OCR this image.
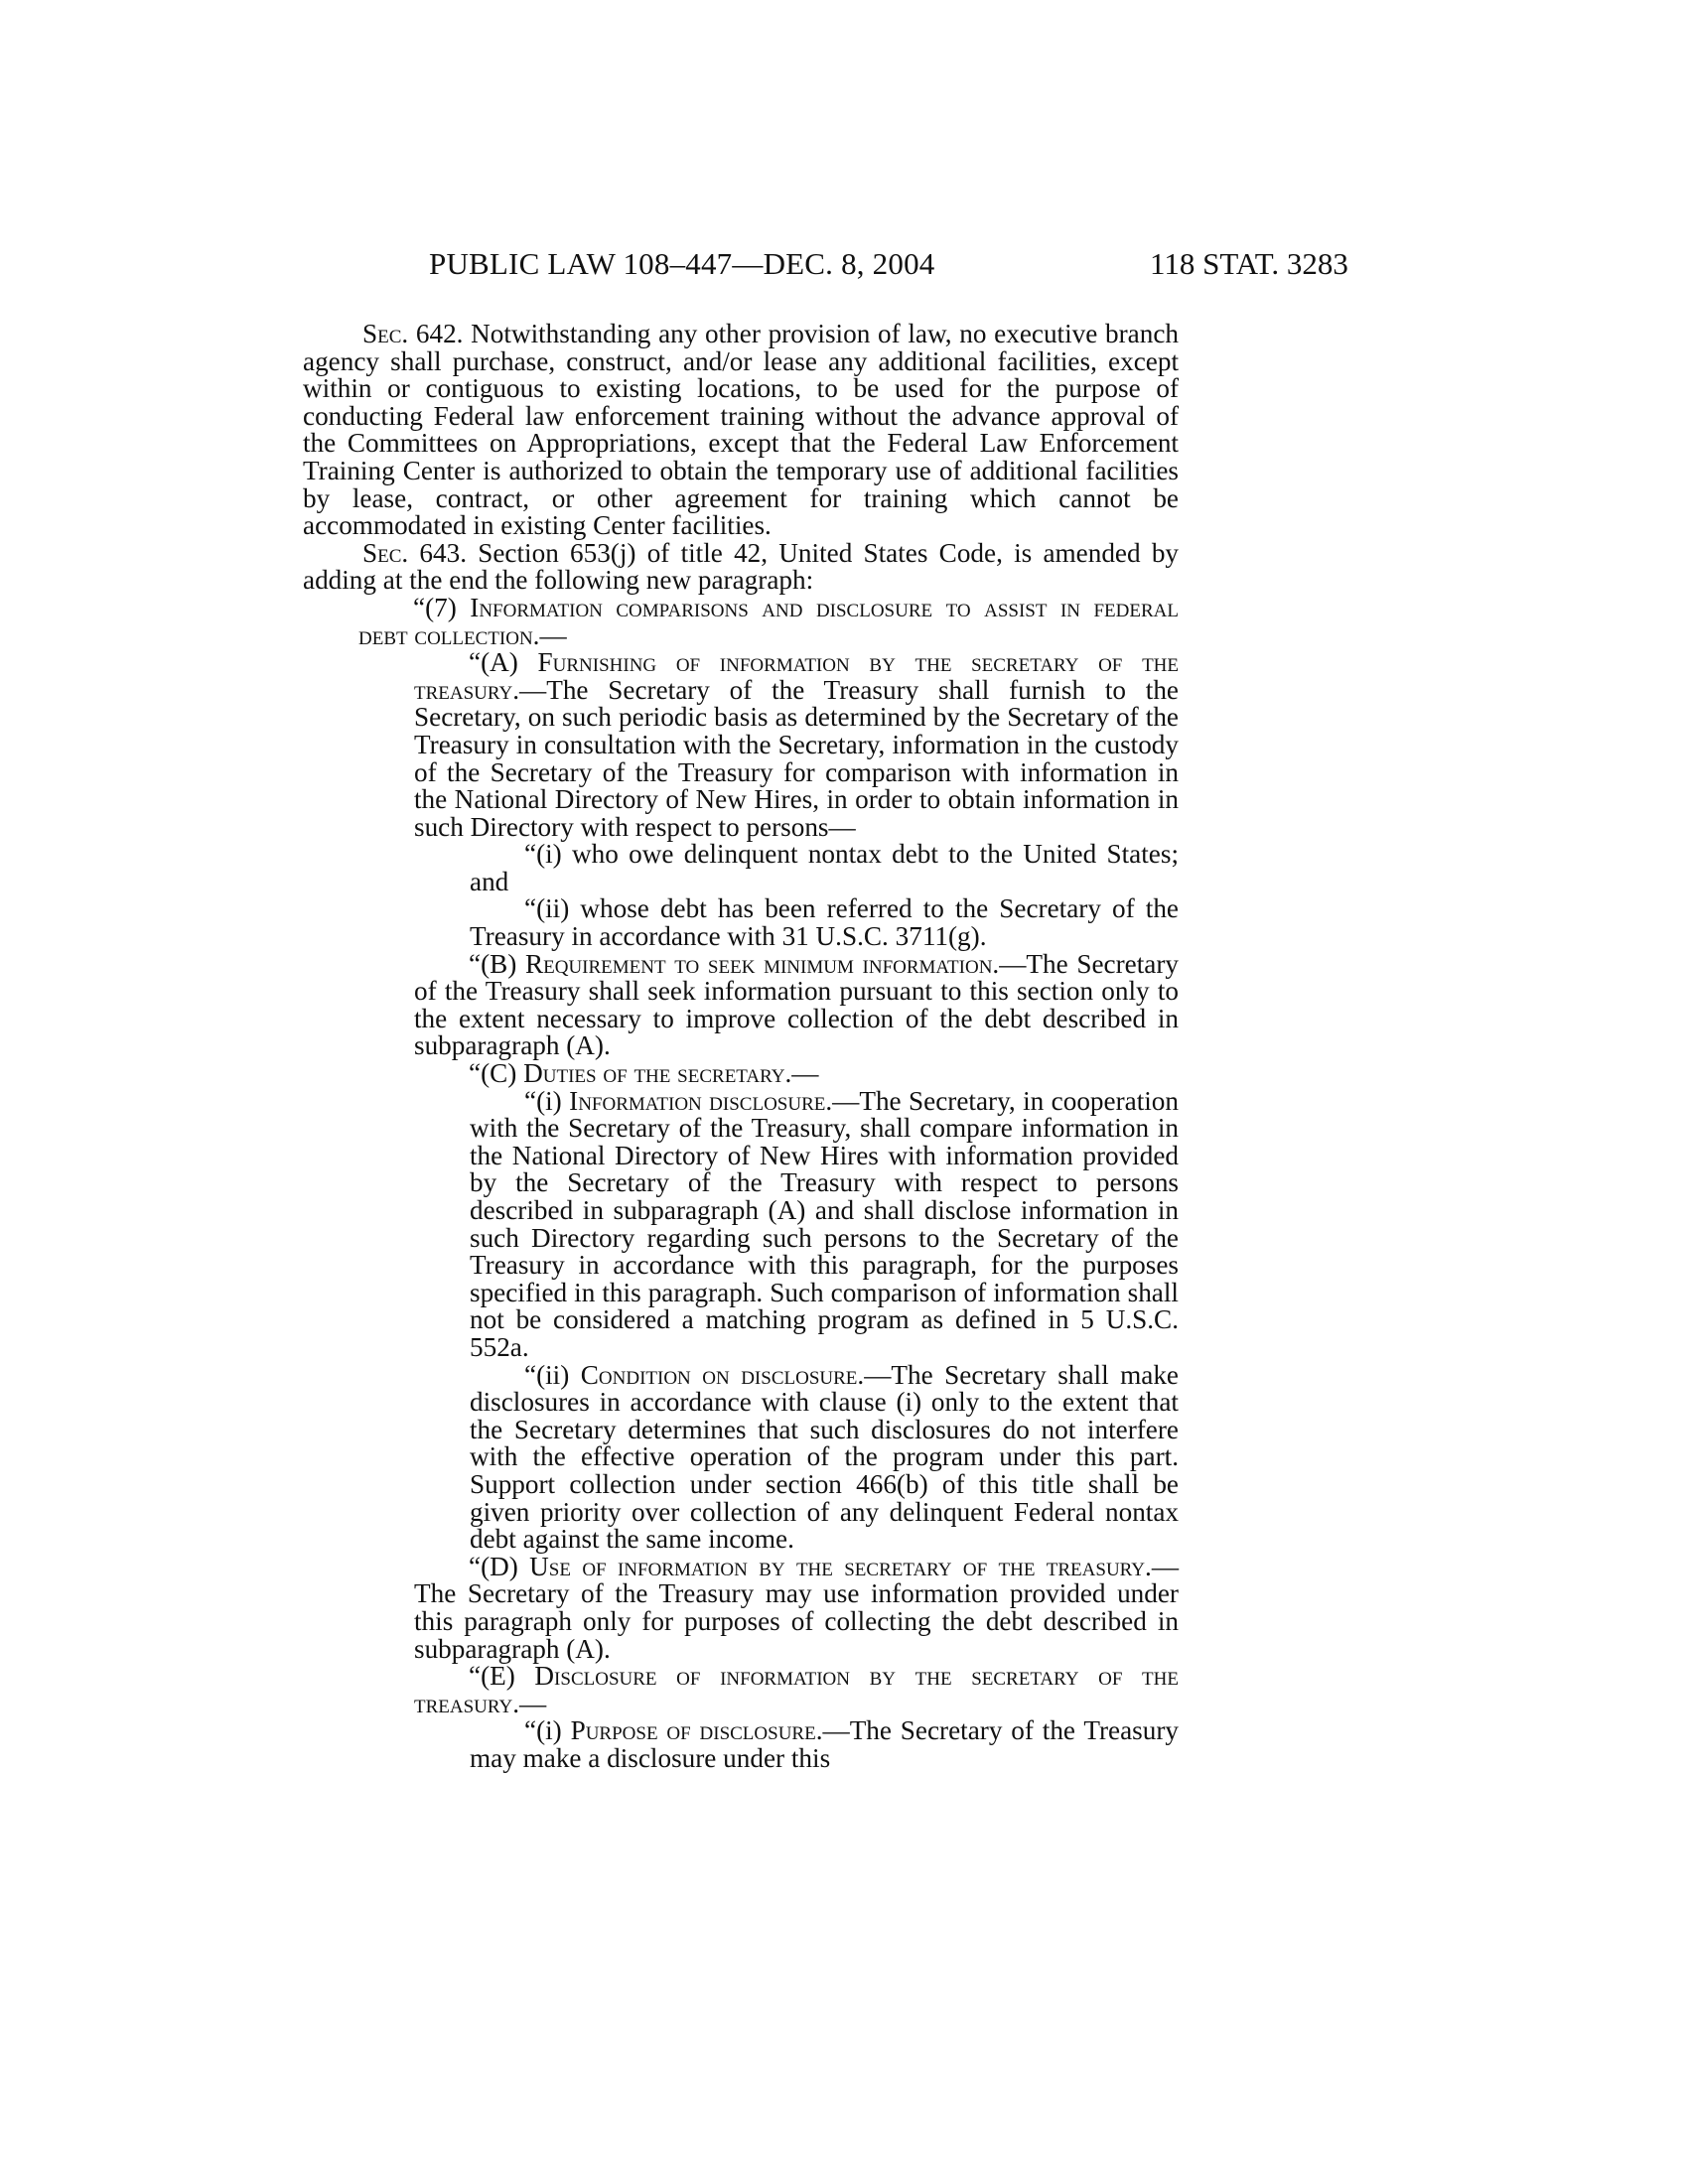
PUBLIC LAW 108–447—DEC. 8, 2004	118 STAT. 3283

Sec. 642. Notwithstanding any other provision of law, no executive branch agency shall purchase, construct, and/or lease any additional facilities, except within or contiguous to existing locations, to be used for the purpose of conducting Federal law enforcement training without the advance approval of the Committees on Appropriations, except that the Federal Law Enforcement Training Center is authorized to obtain the temporary use of additional facilities by lease, contract, or other agreement for training which cannot be accommodated in existing Center facilities.

Sec. 643. Section 653(j) of title 42, United States Code, is amended by adding at the end the following new paragraph:

“(7) Information comparisons and disclosure to assist in federal debt collection.—

“(A) Furnishing of information by the secretary of the treasury.—The Secretary of the Treasury shall furnish to the Secretary, on such periodic basis as determined by the Secretary of the Treasury in consultation with the Secretary, information in the custody of the Secretary of the Treasury for comparison with information in the National Directory of New Hires, in order to obtain information in such Directory with respect to persons—

“(i) who owe delinquent nontax debt to the United States; and

“(ii) whose debt has been referred to the Secretary of the Treasury in accordance with 31 U.S.C. 3711(g).

“(B) Requirement to seek minimum information.—The Secretary of the Treasury shall seek information pursuant to this section only to the extent necessary to improve collection of the debt described in subparagraph (A).

“(C) Duties of the secretary.—

“(i) Information disclosure.—The Secretary, in cooperation with the Secretary of the Treasury, shall compare information in the National Directory of New Hires with information provided by the Secretary of the Treasury with respect to persons described in subparagraph (A) and shall disclose information in such Directory regarding such persons to the Secretary of the Treasury in accordance with this paragraph, for the purposes specified in this paragraph. Such comparison of information shall not be considered a matching program as defined in 5 U.S.C. 552a.

“(ii) Condition on disclosure.—The Secretary shall make disclosures in accordance with clause (i) only to the extent that the Secretary determines that such disclosures do not interfere with the effective operation of the program under this part. Support collection under section 466(b) of this title shall be given priority over collection of any delinquent Federal nontax debt against the same income.

“(D) Use of information by the secretary of the treasury.—The Secretary of the Treasury may use information provided under this paragraph only for purposes of collecting the debt described in subparagraph (A).

“(E) Disclosure of information by the secretary of the treasury.—

“(i) Purpose of disclosure.—The Secretary of the Treasury may make a disclosure under this
